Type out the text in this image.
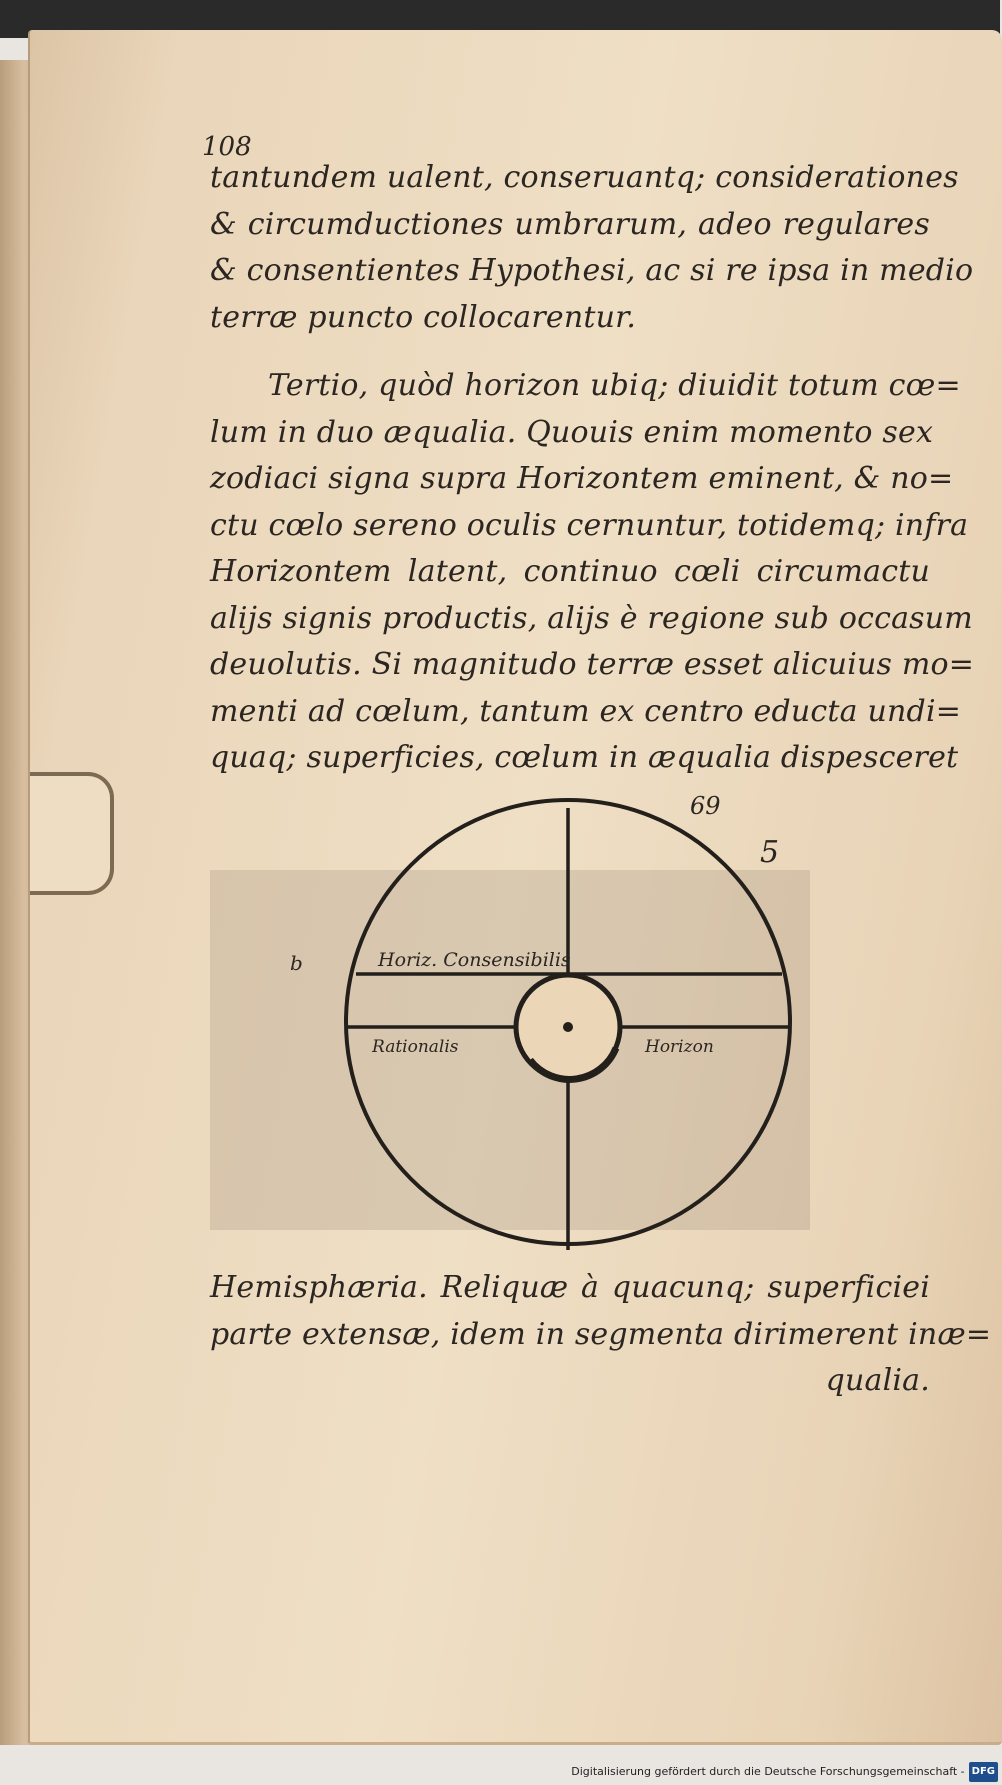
108
tantundem ualent, conseruantq; considerationes
& circumductiones umbrarum, adeo regulares
& consentientes Hypothesi, ac si re ipsa in medio
terræ puncto collocarentur.
Tertio, quòd horizon ubiq; diuidit totum cœ=
lum in duo æqualia. Quouis enim momento sex
zodiaci signa supra Horizontem eminent, & no=
ctu cœlo sereno oculis cernuntur, totidemq; infra
Horizontem latent, continuo cœli circumactu
alijs signis productis, alijs è regione sub occasum
deuolutis. Si magnitudo terræ esset alicuius mo=
menti ad cœlum, tantum ex centro educta undi=
quaq; superficies, cœlum in æqualia dispesceret
Horiz. Consensibilis
Rationalis	Horizon
69
5
b
Hemisphæria. Reliquæ à quacunq; superficiei
parte extensæ, idem in segmenta dirimerent inæ=
qualia.
Digitalisierung gefördert durch die Deutsche Forschungsgemeinschaft - DFG
